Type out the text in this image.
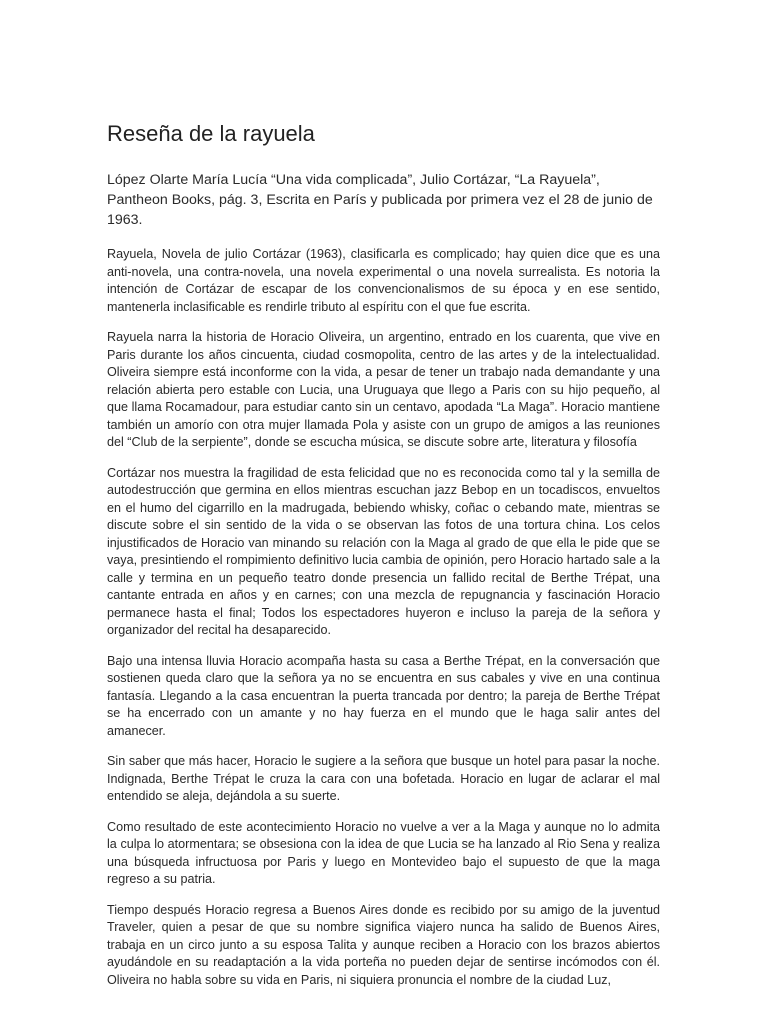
Reseña de la rayuela

López Olarte María Lucía “Una vida complicada”, Julio Cortázar, “La Rayuela”, Pantheon Books, pág. 3, Escrita en París y publicada por primera vez el 28 de junio de 1963.

Rayuela, Novela de julio Cortázar (1963), clasificarla es complicado; hay quien dice que es una anti-novela, una contra-novela, una novela experimental o una novela surrealista. Es notoria la intención de Cortázar de escapar de los convencionalismos de su época y en ese sentido, mantenerla inclasificable es rendirle tributo al espíritu con el que fue escrita.

Rayuela narra la historia de Horacio Oliveira, un argentino, entrado en los cuarenta, que vive en Paris durante los años cincuenta, ciudad cosmopolita, centro de las artes y de la intelectualidad. Oliveira siempre está inconforme con la vida, a pesar de tener un trabajo nada demandante y una relación abierta pero estable con Lucia, una Uruguaya que llego a Paris con su hijo pequeño, al que llama Rocamadour, para estudiar canto sin un centavo, apodada “La Maga”. Horacio mantiene también un amorío con otra mujer llamada Pola y asiste con un grupo de amigos a las reuniones del “Club de la serpiente”, donde se escucha música, se discute sobre arte, literatura y filosofía

Cortázar nos muestra la fragilidad de esta felicidad que no es reconocida como tal y la semilla de autodestrucción que germina en ellos mientras escuchan jazz Bebop en un tocadiscos, envueltos en el humo del cigarrillo en la madrugada, bebiendo whisky, coñac o cebando mate, mientras se discute sobre el sin sentido de la vida o se observan las fotos de una tortura china. Los celos injustificados de Horacio van minando su relación con la Maga al grado de que ella le pide que se vaya, presintiendo el rompimiento definitivo lucia cambia de opinión, pero Horacio hartado sale a la calle y termina en un pequeño teatro donde presencia un fallido recital de Berthe Trépat, una cantante entrada en años y en carnes; con una mezcla de repugnancia y fascinación Horacio permanece hasta el final; Todos los espectadores huyeron e incluso la pareja de la señora y organizador del recital ha desaparecido.

Bajo una intensa lluvia Horacio acompaña hasta su casa a Berthe Trépat, en la conversación que sostienen queda claro que la señora ya no se encuentra en sus cabales y vive en una continua fantasía. Llegando a la casa encuentran la puerta trancada por dentro; la pareja de Berthe Trépat se ha encerrado con un amante y no hay fuerza en el mundo que le haga salir antes del amanecer.

Sin saber que más hacer, Horacio le sugiere a la señora que busque un hotel para pasar la noche. Indignada, Berthe Trépat le cruza la cara con una bofetada. Horacio en lugar de aclarar el mal entendido se aleja, dejándola a su suerte.

Como resultado de este acontecimiento Horacio no vuelve a ver a la Maga y aunque no lo admita la culpa lo atormentara; se obsesiona con la idea de que Lucia se ha lanzado al Rio Sena y realiza una búsqueda infructuosa por Paris y luego en Montevideo bajo el supuesto de que la maga regreso a su patria.

Tiempo después Horacio regresa a Buenos Aires donde es recibido por su amigo de la juventud Traveler, quien a pesar de que su nombre significa viajero nunca ha salido de Buenos Aires, trabaja en un circo junto a su esposa Talita y aunque reciben a Horacio con los brazos abiertos ayudándole en su readaptación a la vida porteña no pueden dejar de sentirse incómodos con él. Oliveira no habla sobre su vida en Paris, ni siquiera pronuncia el nombre de la ciudad Luz,
